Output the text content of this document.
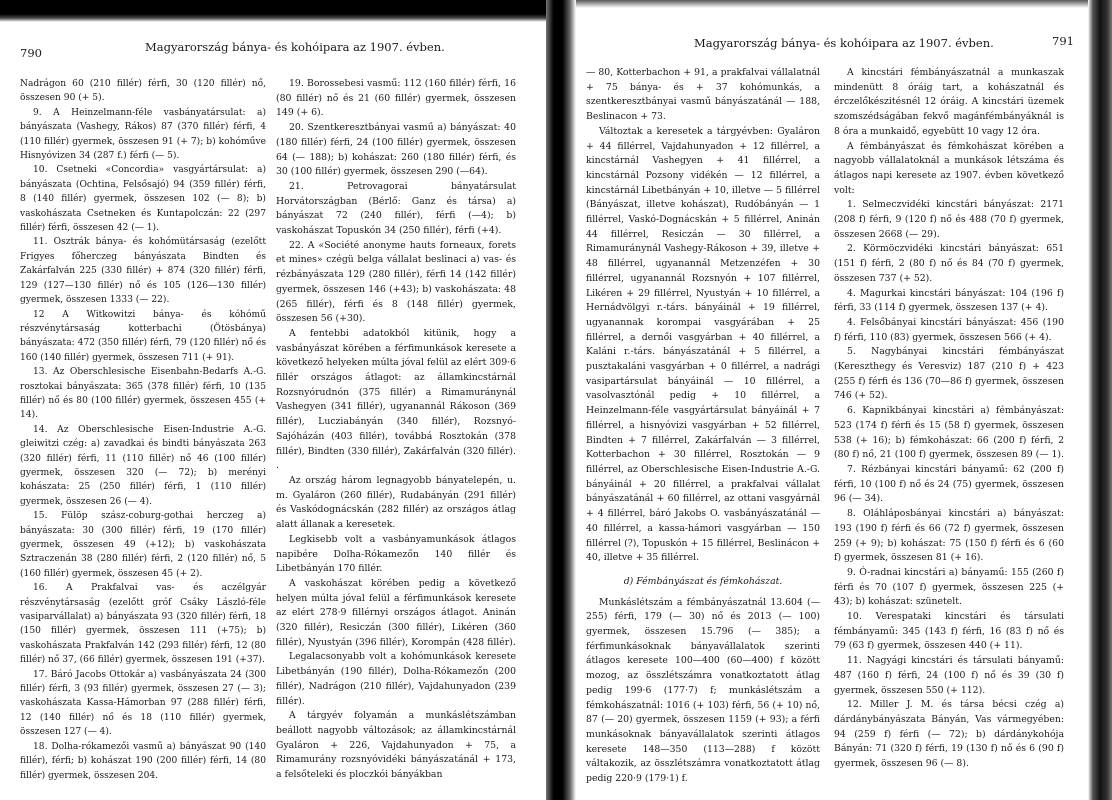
790	Magyarország bánya- és kohóipara az 1907. évben.

Nadrágon 60 (210 fillér) férfi, 30 (120 fillér) nő, összesen 90 (+ 5).

9. A Heinzelmann-féle vasbányatársulat: a) bányászata (Vashegy, Rákos) 87 (370 fillér) férfi, 4 (110 fillér) gyermek, összesen 91 (+ 7); b) kohóműve Hisnyóvizen 34 (287 f.) férfi (— 5).

10. Csetneki «Concordia» vasgyártársulat: a) bányászata (Ochtina, Felsősajó) 94 (359 fillér) férfi, 8 (140 fillér) gyermek, összesen 102 (— 8); b) vaskohászata Csetneken és Kuntapolczán: 22 (297 fillér) férfi, összesen 42 (— 1).

11. Osztrák bánya- és kohómütársaság (ezelőtt Frigyes főherczeg bányászata Bindten és Zakárfalván 225 (330 fillér) + 874 (320 fillér) férfi, 129 (127—130 fillér) nő és 105 (126—130 fillér) gyermek, összesen 1333 (— 22).

12 A Witkowitzi bánya- és kóhómű részvénytársaság kotterbachi (Ötösbánya) bányászata: 472 (350 fillér) férfi, 79 (120 fillér) nő és 160 (140 fillér) gyermek, összesen 711 (+ 91).

13. Az Oberschlesische Eisenbahn-Bedarfs A.-G. rosztokai bányászata: 365 (378 fillér) férfi, 10 (135 fillér) nő és 80 (100 fillér) gyermek, összesen 455 (+ 14).

14. Az Oberschlesische Eisen-Industrie A.-G. gleiwitzi czég: a) zavadkai és bindti bányászata 263 (320 fillér) férfi, 11 (110 fillér) nő 46 (100 fillér) gyermek, összesen 320 (— 72); b) merényi kohászata: 25 (250 fillér) férfi, 1 (110 fillér) gyermek, összesen 26 (— 4).

15. Fülöp szász-coburg-gothai herczeg a) bányászata: 30 (300 fillér) férfi, 19 (170 fillér) gyermek, összesen 49 (+12); b) vaskohászata Sztraczenán 38 (280 fillér) férfi, 2 (120 fillér) nő, 5 (160 fillér) gyermek, összesen 45 (+ 2).

16. A Prakfalvai vas- és aczélgyár részvénytársaság (ezelőtt gróf Csáky László-féle vasiparvállalat) a) bányászata 93 (320 fillér) férfi, 18 (150 fillér) gyermek, összesen 111 (+75); b) vaskohászata Prakfalván 142 (293 fillér) férfi, 12 (80 fillér) nő 37, (66 fillér) gyermek, összesen 191 (+37).

17. Báró Jacobs Ottokár a) vasbányászata 24 (300 fillér) férfi, 3 (93 fillér) gyermek, összesen 27 (— 3); vaskohászata Kassa-Hámorban 97 (288 fillér) férfi, 12 (140 fillér) nő és 18 (110 fillér) gyermek, összesen 127 (— 4).

18. Dolha-rókamezői vasmű a) bányászat 90 (140 fillér), férfi; b) kohászat 190 (200 fillér) férfi, 14 (80 fillér) gyermek, összesen 204.

19. Borossebesi vasmű: 112 (160 fillér) férfi, 16 (80 fillér) nő és 21 (60 fillér) gyermek, összesen 149 (+ 6).

20. Szentkeresztbányai vasmű a) bányászat: 40 (180 fillér) férfi, 24 (100 fillér) gyermek, összesen 64 (— 188); b) kohászat: 260 (180 fillér) férfi, és 30 (100 fillér) gyermek, összesen 290 (—64).

21. Petrovagorai bányatársulat Horvátországban (Bérlő: Ganz és társa) a) bányászat 72 (240 fillér), férfi (—4); b) vaskohászat Topuskón 34 (250 fillér), férfi (+4).

22. A «Société anonyme hauts forneaux, forets et mines» czégü belga vállalat beslinaci a) vas- és rézbányászata 129 (280 fillér), férfi 14 (142 fillér) gyermek, összesen 146 (+43); b) vaskohászata: 48 (265 fillér), férfi és 8 (148 fillér) gyermek, összesen 56 (+30).

A fentebbi adatokból kitünik, hogy a vasbányászat körében a férfimunkások keresete a következő helyeken múlta jóval felül az elért 309·6 fillér országos átlagot: az államkincstárnál Rozsnyórudnón (375 fillér) a Rimamuránynál Vashegyen (341 fillér), ugyanannál Rákoson (369 fillér), Lucziabányán (340 fillér), Rozsnyó-Sajóházán (403 fillér), továbbá Rosztokán (378 fillér), Bindten (330 fillér), Zakárfalván (320 fillér). .

Az ország három legnagyobb bányatelepén, u. m. Gyaláron (260 fillér), Rudabányán (291 fillér) és Vaskódognácskán (282 fillér) az országos átlag alatt állanak a keresetek.

Legkisebb volt a vasbányamunkások átlagos napibére Dolha-Rókamezőn 140 fillér és Libetbányán 170 fillér.

A vaskohászat körében pedig a következő helyen múlta jóval felül a férfimunkások keresete az elért 278·9 fillérnyi országos átlagot. Aninán (320 fillér), Resiczán (300 fillér), Likéren (360 fillér), Nyustyán (396 fillér), Korompán (428 fillér).

Legalacsonyabb volt a kohómunkások keresete Libetbányán (190 fillér), Dolha-Rókamezőn (200 fillér), Nadrágon (210 fillér), Vajdahunyadon (239 fillér).

A tárgyév folyamán a munkáslétszámban beállott nagyobb változások; az államkincstárnál Gyaláron + 226, Vajdahunyadon + 75, a Rimamurány rozsnyóvidéki bányászatánál + 173, a felsőteleki és ploczkói bányákban

Magyarország bánya- és kohóipara az 1907. évben.	791

— 80, Kotterbachon + 91, a prakfalvai vállalatnál + 75 bánya- és + 37 kohómunkás, a szentkeresztbányai vasmű bányászatánál — 188, Beslinacon + 73.

Változtak a keresetek a tárgyévben: Gyaláron + 44 fillérrel, Vajdahunyadon + 12 fillérrel, a kincstárnál Vashegyen + 41 fillérrel, a kincstárnál Pozsony vidékén — 12 fillérrel, a kincstárnál Libetbányán + 10, illetve — 5 fillérrel (Bányászat, illetve kohászat), Rudóbányán — 1 fillérrel, Vaskó-Dognácskán + 5 fillérrel, Aninán 44 fillérrel, Resiczán — 30 fillérrel, a Rimamuránynál Vashegy-Rákoson + 39, illetve + 48 fillérrel, ugyanannál Metzenzéfen + 30 fillérrel, ugyanannál Rozsnyón + 107 fillérrel, Likéren + 29 fillérrel, Nyustyán + 10 fillérrel, a Hernádvölgyi r.-társ. bányáinál + 19 fillérrel, ugyanannak korompai vasgyárában + 25 fillérrel, a dernői vasgyárban + 40 fillérrel, a Kaláni r.-társ. bányászatánál + 5 fillérrel, a pusztakaláni vasgyárban + 0 fillérrel, a nadrági vasipartársulat bányáinál — 10 fillérrel, a vasolvasztónál pedig + 10 fillérrel, a Heinzelmann-féle vasgyártársulat bányáinál + 7 fillérrel, a hisnyóvizi vasgyárban + 52 fillérrel, Bindten + 7 fillérrel, Zakárfalván — 3 fillérrel, Kotterbachon + 30 fillérrel, Rosztokán — 9 fillérrel, az Oberschlesische Eisen-Industrie A.-G. bányáinál + 20 fillérrel, a prakfalvai vállalat bányászatánál + 60 fillérrel, az ottani vasgyárnál + 4 fillérrel, báró Jakobs O. vasbányászatánál — 40 fillérrel, a kassa-hámori vasgyárban — 150 fillérrel (?), Topuskón + 15 fillérrel, Beslinácon + 40, illetve + 35 fillérrel.

d) Fémbányászat és fémkohászat.

Munkáslétszám a fémbányászatnál 13.604 (— 255) férfi, 179 (— 30) nő és 2013 (— 100) gyermek, összesen 15.796 (— 385); a férfimunkásoknak bányavállalatok szerinti átlagos keresete 100—400 (60—400) f között mozog, az összlétszámra vonatkoztatott átlag pedig 199·6 (177·7) f; munkáslétszám a fémkohászatnál: 1016 (+ 103) férfi, 56 (+ 10) nő, 87 (— 20) gyermek, összesen 1159 (+ 93); a férfi munkásoknak bányavállalatok szerinti átlagos keresete 148—350 (113—288) f között váltakozik, az összlétszámra vonatkoztatott átlag pedig 220·9 (179·1) f.

A kincstári fémbányászatnál a munkaszak mindenütt 8 óráig tart, a kohászatnál és érczelőkészitésnél 12 óráig. A kincstári üzemek szomszédságában fekvő magánfémbányáknál is 8 óra a munkaidő, egyebütt 10 vagy 12 óra.

A fémbányászat és fémkohászat körében a nagyobb vállalatoknál a munkások létszáma és átlagos napi keresete az 1907. évben következő volt:

1. Selmeczvidéki kincstári bányászat: 2171 (208 f) férfi, 9 (120 f) nő és 488 (70 f) gyermek, összesen 2668 (— 29).

2. Körmöczvidéki kincstári bányászat: 651 (151 f) férfi, 2 (80 f) nő és 84 (70 f) gyermek, összesen 737 (+ 52).

4. Magurkai kincstári bányászat: 104 (196 f) férfi, 33 (114 f) gyermek, összesen 137 (+ 4).

4. Felsőbányai kincstári bányászat: 456 (190 f) férfi, 110 (83) gyermek, összesen 566 (+ 4).

5. Nagybányai kincstári fémbányászat (Kereszthegy és Veresviz) 187 (210 f) + 423 (255 f) férfi és 136 (70—86 f) gyermek, összesen 746 (+ 52).

6. Kapnikbányai kincstári a) fémbányászat: 523 (174 f) férfi és 15 (58 f) gyermek, összesen 538 (+ 16); b) fémkohászat: 66 (200 f) férfi, 2 (80 f) nő, 21 (100 f) gyermek, összesen 89 (— 1).

7. Rézbányai kincstári bányamű: 62 (200 f) férfi, 10 (100 f) nő és 24 (75) gyermek, összesen 96 (— 34).

8. Oláhláposbányai kincstári a) bányászat: 193 (190 f) férfi és 66 (72 f) gyermek, összesen 259 (+ 9); b) kohászat: 75 (150 f) férfi és 6 (60 f) gyermek, összesen 81 (+ 16).

9. Ó-radnai kincstári a) bányamű: 155 (260 f) férfi és 70 (107 f) gyermek, összesen 225 (+ 43); b) kohászat: szünetelt.

10. Verespataki kincstári és társulati fémbányamű: 345 (143 f) férfi, 16 (83 f) nő és 79 (63 f) gyermek, összesen 440 (+ 11).

11. Nagyági kincstári és társulati bányamű: 487 (160 f) férfi, 24 (100 f) nő és 39 (30 f) gyermek, összesen 550 (+ 112).

12. Miller J. M. és társa bécsi czég a) dárdánybányászata Bányán, Vas vármegyében: 94 (259 f) férfi (— 72); b) dárdánykohója Bányán: 71 (320 f) férfi, 19 (130 f) nő és 6 (90 f) gyermek, összesen 96 (— 8).
